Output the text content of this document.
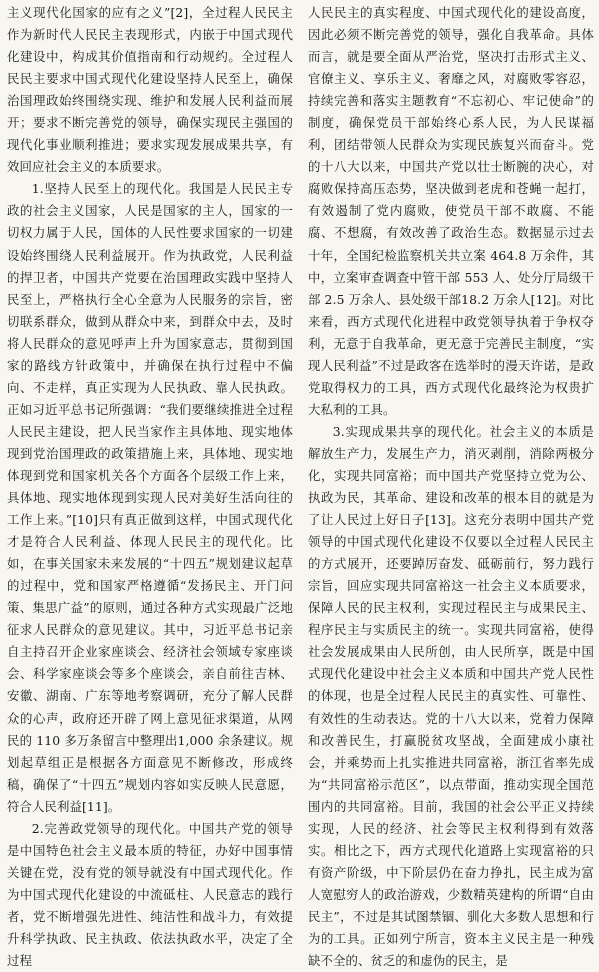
主义现代化国家的应有之义”[2]，全过程人民民主作为新时代人民民主表现形式，内嵌于中国式现代化建设中，构成其价值指南和行动规约。全过程人民民主要求中国式现代化建设坚持人民至上，确保治国理政始终围绕实现、维护和发展人民利益而展开；要求不断完善党的领导，确保实现民主强国的现代化事业顺利推进；要求实现发展成果共享，有效回应社会主义的本质要求。

1.坚持人民至上的现代化。我国是人民民主专政的社会主义国家，人民是国家的主人，国家的一切权力属于人民，国体的人民性要求国家的一切建设始终围绕人民利益展开。作为执政党，人民利益的捍卫者，中国共产党要在治国理政实践中坚持人民至上，严格执行全心全意为人民服务的宗旨，密切联系群众，做到从群众中来，到群众中去，及时将人民群众的意见呼声上升为国家意志，贯彻到国家的路线方针政策中，并确保在执行过程中不偏向、不走样，真正实现为人民执政、靠人民执政。正如习近平总书记所强调：“我们要继续推进全过程人民民主建设，把人民当家作主具体地、现实地体现到党治国理政的政策措施上来，具体地、现实地体现到党和国家机关各个方面各个层级工作上来，具体地、现实地体现到实现人民对美好生活向往的工作上来。”[10]只有真正做到这样，中国式现代化才是符合人民利益、体现人民民主的现代化。比如，在事关国家未来发展的“十四五”规划建议起草的过程中，党和国家严格遵循“发扬民主、开门问策、集思广益”的原则，通过各种方式实现最广泛地征求人民群众的意见建议。其中，习近平总书记亲自主持召开企业家座谈会、经济社会领域专家座谈会、科学家座谈会等多个座谈会，亲自前往吉林、安徽、湖南、广东等地考察调研，充分了解人民群众的心声，政府还开辟了网上意见征求渠道，从网民的 110 多万条留言中整理出1,000 余条建议。规划起草组正是根据各方面意见不断修改，形成终稿，确保了“十四五”规划内容如实反映人民意愿，符合人民利益[11]。

2.完善政党领导的现代化。中国共产党的领导是中国特色社会主义最本质的特征，办好中国事情关键在党，没有党的领导就没有中国式现代化。作为中国式现代化建设的中流砥柱、人民意志的践行者，党不断增强先进性、纯洁性和战斗力，有效提升科学执政、民主执政、依法执政水平，决定了全过程

人民民主的真实程度、中国式现代化的建设高度，因此必须不断完善党的领导，强化自我革命。具体而言，就是要全面从严治党，坚决打击形式主义、官僚主义、享乐主义、奢靡之风，对腐败零容忍，持续完善和落实主题教育“不忘初心、牢记使命”的制度，确保党员干部始终心系人民，为人民谋福利，团结带领人民群众为实现民族复兴而奋斗。党的十八大以来，中国共产党以壮士断腕的决心，对腐败保持高压态势，坚决做到老虎和苍蝇一起打，有效遏制了党内腐败，使党员干部不敢腐、不能腐、不想腐，有效改善了政治生态。数据显示过去十年，全国纪检监察机关共立案 464.8 万余件，其中，立案审查调查中管干部 553 人、处分厅局级干部 2.5 万余人、县处级干部18.2 万余人[12]。对比来看，西方式现代化进程中政党领导执着于争权夺利，无意于自我革命，更无意于完善民主制度，“实现人民利益”不过是政客在选举时的漫天许诺，是政党取得权力的工具，西方式现代化最终沦为权贵扩大私利的工具。

3.实现成果共享的现代化。社会主义的本质是解放生产力，发展生产力，消灭剥削，消除两极分化，实现共同富裕；而中国共产党坚持立党为公、执政为民，其革命、建设和改革的根本目的就是为了让人民过上好日子[13]。这充分表明中国共产党领导的中国式现代化建设不仅要以全过程人民民主的方式展开，还要踔厉奋发、砥砺前行，努力践行宗旨，回应实现共同富裕这一社会主义本质要求，保障人民的民主权利，实现过程民主与成果民主、程序民主与实质民主的统一。实现共同富裕，使得社会发展成果由人民所创，由人民所享，既是中国式现代化建设中社会主义本质和中国共产党人民性的体现，也是全过程人民民主的真实性、可靠性、有效性的生动表达。党的十八大以来，党着力保障和改善民生，打赢脱贫攻坚战，全面建成小康社会，并乘势而上扎实推进共同富裕，浙江省率先成为“共同富裕示范区”，以点带面，推动实现全国范围内的共同富裕。目前，我国的社会公平正义持续实现，人民的经济、社会等民主权利得到有效落实。相比之下，西方式现代化道路上实现富裕的只有资产阶级，中下阶层仍在奋力挣扎，民主成为富人宽慰穷人的政治游戏，少数精英建构的所谓“自由民主”，不过是其试图禁锢、驯化大多数人思想和行为的工具。正如列宁所言，资本主义民主是一种残缺不全的、贫乏的和虚伪的民主，是
